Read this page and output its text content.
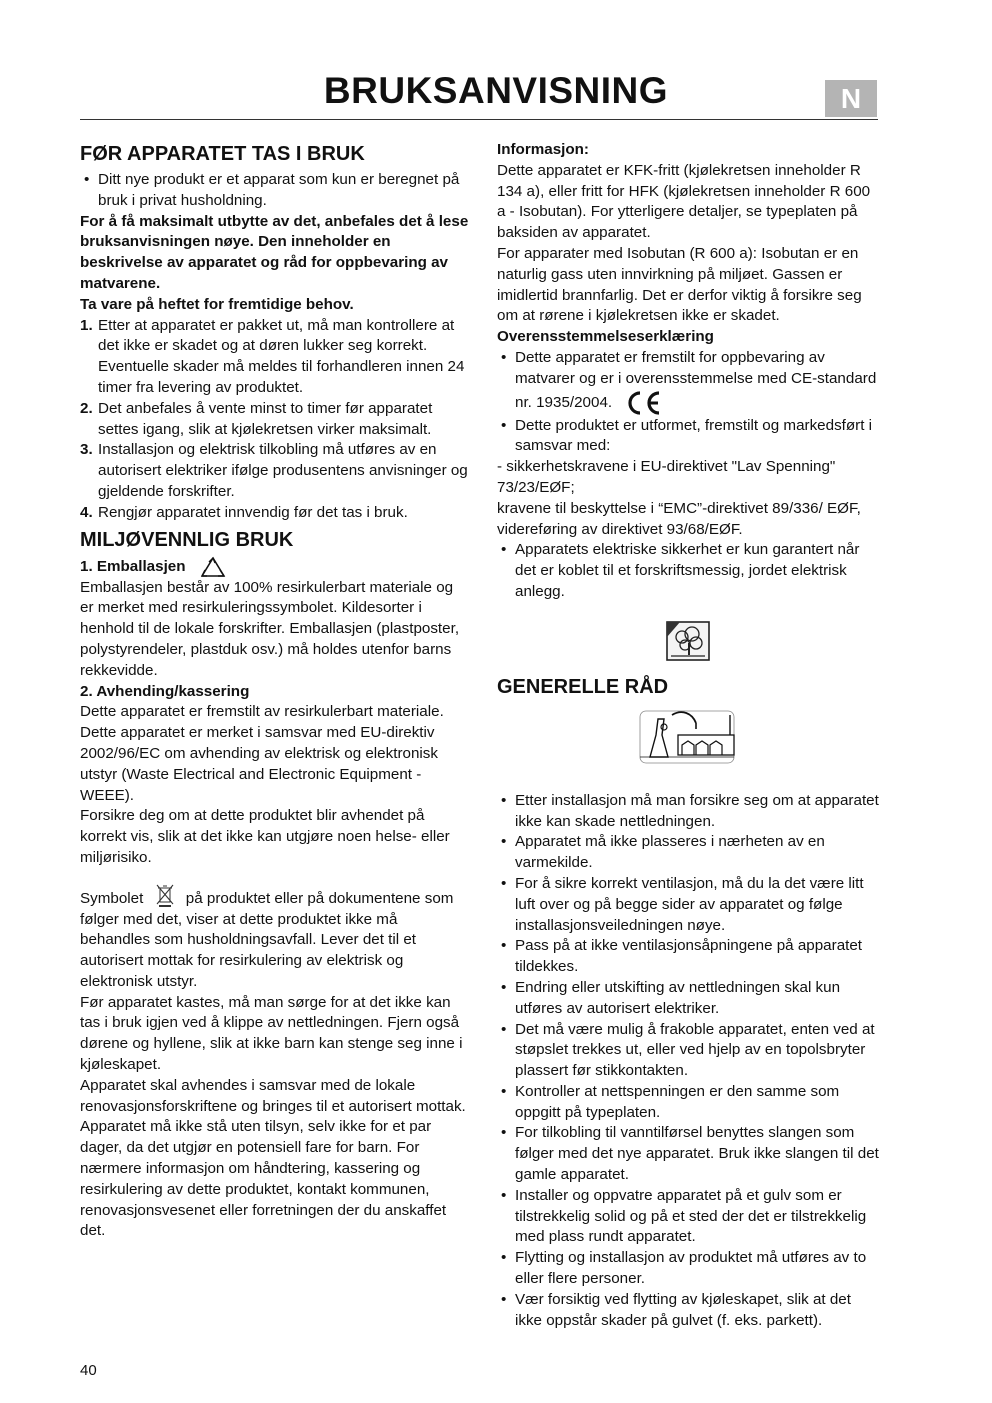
BRUKSANVISNING	N
FØR APPARATET TAS I BRUK
• Ditt nye produkt er et apparat som kun er beregnet på bruk i privat husholdning.

For å få maksimalt utbytte av det, anbefales det å lese bruksanvisningen nøye. Den inneholder en beskrivelse av apparatet og råd for oppbevaring av matvarene.

Ta vare på heftet for fremtidige behov.

1. Etter at apparatet er pakket ut, må man kontrollere at det ikke er skadet og at døren lukker seg korrekt. Eventuelle skader må meldes til forhandleren innen 24 timer fra levering av produktet.
2. Det anbefales å vente minst to timer før apparatet settes igang, slik at kjølekretsen virker maksimalt.
3. Installasjon og elektrisk tilkobling må utføres av en autorisert elektriker ifølge produsentens anvisninger og gjeldende forskrifter.
4. Rengjør apparatet innvendig før det tas i bruk.
MILJØVENNLIG BRUK
1. Emballasjen

Emballasjen består av 100% resirkulerbart materiale og er merket med resirkuleringssymbolet. Kildesorter i henhold til de lokale forskrifter. Emballasjen (plastposter, polystyrendeler, plastduk osv.) må holdes utenfor barns rekkevidde.

2. Avhending/kassering

Dette apparatet er fremstilt av resirkulerbart materiale.

Dette apparatet er merket i samsvar med EU-direktiv 2002/96/EC om avhending av elektrisk og elektronisk utstyr (Waste Electrical and Electronic Equipment - WEEE).

Forsikre deg om at dette produktet blir avhendet på korrekt vis, slik at det ikke kan utgjøre noen helse- eller miljørisiko.

Symbolet	på produktet eller på dokumentene som følger med det, viser at dette produktet ikke må behandles som husholdningsavfall. Lever det til et autorisert mottak for resirkulering av elektrisk og elektronisk utstyr.

Før apparatet kastes, må man sørge for at det ikke kan tas i bruk igjen ved å klippe av nettledningen. Fjern også dørene og hyllene, slik at ikke barn kan stenge seg inne i kjøleskapet.

Apparatet skal avhendes i samsvar med de lokale renovasjonsforskriftene og bringes til et autorisert mottak. Apparatet må ikke stå uten tilsyn, selv ikke for et par dager, da det utgjør en potensiell fare for barn. For nærmere informasjon om håndtering, kassering og resirkulering av dette produktet, kontakt kommunen, renovasjonsvesenet eller forretningen der du anskaffet det.

Informasjon:

Dette apparatet er KFK-fritt (kjølekretsen inneholder R 134 a), eller fritt for HFK (kjølekretsen inneholder R 600 a - Isobutan). For ytterligere detaljer, se typeplaten på baksiden av apparatet.

For apparater med Isobutan (R 600 a): Isobutan er en naturlig gass uten innvirkning på miljøet. Gassen er imidlertid brannfarlig. Det er derfor viktig å forsikre seg om at rørene i kjølekretsen ikke er skadet.

Overensstemmelseserklæring
• Dette apparatet er fremstilt for oppbevaring av matvarer og er i overensstemmelse med CE-standard nr. 1935/2004.
• Dette produktet er utformet, fremstilt og markedsført i samsvar med:

- sikkerhetskravene i EU-direktivet "Lav Spenning" 73/23/EØF;

kravene til beskyttelse i “EMC”-direktivet 89/336/ EØF,

videreføring av direktivet 93/68/EØF.

• Apparatets elektriske sikkerhet er kun garantert når det er koblet til et forskriftsmessig, jordet elektrisk anlegg.
GENERELLE RÅD
• Etter installasjon må man forsikre seg om at apparatet ikke kan skade nettledningen.
• Apparatet må ikke plasseres i nærheten av en varmekilde.
• For å sikre korrekt ventilasjon, må du la det være litt luft over og på begge sider av apparatet og følge installasjonsveiledningen nøye.
• Pass på at ikke ventilasjonsåpningene på apparatet tildekkes.
• Endring eller utskifting av nettledningen skal kun utføres av autorisert elektriker.
• Det må være mulig å frakoble apparatet, enten ved at støpslet trekkes ut, eller ved hjelp av en topolsbryter plassert før stikkontakten.
• Kontroller at nettspenningen er den samme som oppgitt på typeplaten.
• For tilkobling til vanntilførsel benyttes slangen som følger med det nye apparatet. Bruk ikke slangen til det gamle apparatet.
• Installer og oppvatre apparatet på et gulv som er tilstrekkelig solid og på et sted der det er tilstrekkelig med plass rundt apparatet.
• Flytting og installasjon av produktet må utføres av to eller flere personer.
• Vær forsiktig ved flytting av kjøleskapet, slik at det ikke oppstår skader på gulvet (f. eks. parkett).
40
